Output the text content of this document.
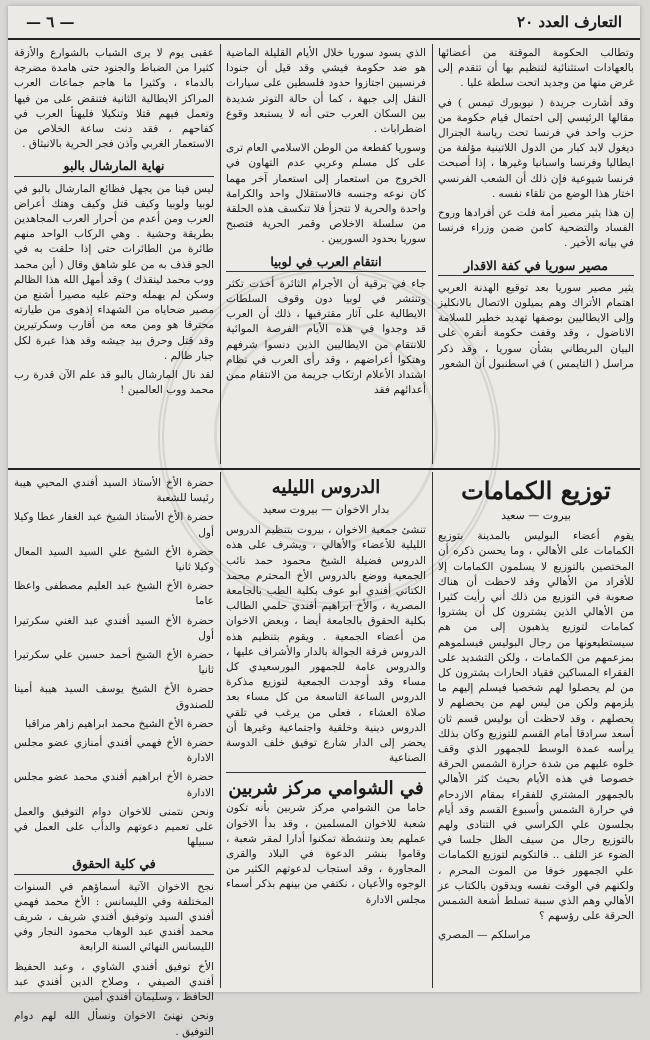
التعارف العدد ٢٠
— ٦ —

وتطالب الحكومة الموقتة من أعضائها بالعهادات استثنائية لتنظيم بها أن تتقدم إلى غرض منها من وجديد اتحت سلطة عليا .

وقد أشارت جريدة ( نيويورك تيمس ) في مقالها الرئيسي إلى احتمال قيام حكومة من حزب واحد في فرنسا تحت رياسة الجنرال ديغول لابد كبار من الدول اللاتينية مؤلفة من ايطاليا وفرنسا واسبانيا وغيرها ، إذا أصبحت فرنسا شيوعية فإن ذلك أن الشعب الفرنسي اختار هذا الوضع من تلقاء نفسه .

إن هذا يثير مصير أمة فلت عن أفرادها وروح الفساد والتضحية كامن ضمن وزراء فرنسا في بيانه الأخير .

مصير سوريا في كفة الاقدار

يثير مصير سوريا بعد توقيع الهدنة العربي اهتمام الأتراك وهم يميلون الاتصال بالانكليز وإلى الايطاليين بوصفها تهديد خطير للسلامة الاناضول ، وقد وقفت حكومة أنقره على البيان البريطاني بشأن سوريا ، وقد ذكر مراسل ( التايمس ) في اسطنبول أن الشعور

الذي يسود سوريا خلال الأيام القليلة الماضية هو ضد حكومة فيشي وقد قيل أن جنودا فرنسيين اجتازوا حدود فلسطين على سيارات النقل إلى جبهة ، كما أن حالة التوتر شديدة بين السكان العرب حتى أنه لا يستبعد وقوع اضطرابات .

وسوريا كقطعة من الوطن الاسلامي العام ترى على كل مسلم وعربي عدم التهاون في الخروج من استعمار إلى استعمار آخر مهما كان نوعه وجنسه فالاستقلال واحد والكرامة واحدة والحرية لا تتجزأ فلا تنكسف هذه الحلقة من سلسلة الاخلاص وقمر الحرية فتصبح سوريا بحدود السوريين .

انتقام العرب في لوبيا

جاء في برقية أن الأجرام الثائرة أخذت تكثر وتنتشر في لوبيا دون وقوف السلطات الايطالية على آثار مقترفيها ، ذلك أن العرب قد وجدوا في هذه الأيام الفرصة الموائية للانتقام من الايطاليين الذين دنسوا شرفهم وهتكوا أعراضهم ، وقد رأى العرب في نظام اشتداد الأعلام ارتكاب جريمة من الانتقام ممن أعدائهم فقد

عقبى يوم لا يرى الشباب بالشوارع والأزقة كثيرا من الضباط والجنود حتى هامدة مضرجة بالدماء ، وكثيرا ما هاجم جماعات العرب المراكز الايطالية الثانية فتنقض على من فيها وتعمل فيهم قتلا وتنكيلا فليهنأ العرب في كفاحهم ، فقد دنت ساعة الخلاص من الاستعمار الغربي وآذن فجر الحرية بالانبثاق .

نهاية المارشال بالبو

ليس فينا من يجهل فظائع المارشال بالبو في لوبيا ولوبيا وكيف قتل وكيف وهتك أعراض العرب ومن أعدم من أحرار العرب المجاهدين بطريقة وحشية . وهي الركاب الواحد منهم طائرة من الطائرات حتى إذا حلقت به في الجو قذف به من علو شاهق وقال ( أين محمد ووب محمد لينقذك ) وقد أمهل الله هذا الظالم وسكن لم يهمله وحتم عليه مصيرا أشنع من مصير ضحاياه من الشهداء إذهوى من طيارته محترقا هو ومن معه من أقارب وسكرتيرين وقد قتل وحرق بيد جيشه وقد هذا عبرة لكل جبار ظالم .

لقد نال المارشال بالبو قد علم الآن قدرة رب محمد ووب العالمين !

توزيع الكمامات
بيروت — سعيد

يقوم أعضاء البوليس بالمدينة بتوزيع الكمامات على الأهالي ، وما يحسن ذكره أن المختصين بالتوزيع لا يسلمون الكمامات إلا للأفراد من الأهالي وقد لاحظت أن هناك صعوبة في التوزيع من ذلك أني رأيت كثيرا من الأهالي الذين يشترون كل أن يشتروا كمامات لتوزيع يذهبون إلى من هم سيستطيعونها من رجال البوليس فيسلموهم بمزعمهم من الكمامات ، ولكن التشديد على الفقراء المساكين فقياد الحارات يشترون كل من لم يحصلوا لهم شخصيا فيسلم إليهم ما يلزمهم ولكن من ليس لهم من يحصلهم لا يحصلهم ، وقد لاحظت أن بوليس قسم ثان أسعد سرادقا أمام القسم للتوزيع وكان بذلك يرأسه عمدة الوسط للجمهور الذي وقف خلوه عليهم من شدة حرارة الشمس الحرقة خصوصا في هذه الأيام بحيث كثر الأهالي بالجمهور المشتري للفقراء بمقام الازدحام في حرارة الشمس وأسبوع القسم وقد أيام بجلسون علي الكراسي في التنادى ولهم بالتوزيع رجال من سيف الظل جلسا في الضوء عز التلف .. فالتكويم لتوزيع الكمامات علي الجمهور خوفا من الموت المحرم ، ولكنهم في الوقت نفسه ويدقون بالكتاب عز الأهالي وهم الذي سببة تسلط أشعة الشمس الحرقة على رؤسهم ؟

مراسلكم — المصري

الدروس الليليه
بدار الاخوان — بيروت سعيد

تنشئ جمعية الاخوان ، بيروت بتنظيم الدروس الليلية للأعضاء والأهالي ، ويشرف على هذه الدروس فضيلة الشيخ محمود حمد نائب الجمعية ووضع بالدروس الأخ المحترم محمد الكتاني أفندي أبو عوف بكلية الطب بالجامعة المصرية ، والأخ ابراهيم أفندي حلمي الطالب بكلية الحقوق بالجامعة أيضا ، وبعض الاخوان من أعضاء الجمعية . ويقوم بتنظيم هذه الدروس فرقة الجوالة بالدار والأشراف عليها ، والدروس عامة للجمهور البورسعيدي كل مساء وقد أوجدت الجمعية لتوزيع مذكرة الدروس الساعة التاسعة من كل مساء بعد صلاة العشاء ، فعلى من يرغب في تلقي الدروس دينية وخلقية واجتماعية وغيرها أن يحضر إلى الدار شارع توفيق خلف الدوسة الصناعية

في الشوامي مركز شربين

حاما من الشوامي مركز شربين بأنه تكون شعبة للاخوان المسلمين ، وقد بدأ الاخوان عملهم بعد وتنشطة تمكنوا أدارا لمقر شعبة ، وقاموا بنشر الدعوة في البلاد والقرى المجاورة ، وقد استجاب لدعوتهم الكثير من الوجوه والأعيان ، نكتفي من بينهم بذكر أسماء مجلس الادارة

حضرة الأخ الأستاذ السيد أفندي المحيي هيبة رئيسا للشعبة

حضرة الأخ الأستاذ الشيخ عبد الغفار عطا وكيلا أول

حضرة الأخ الشيخ علي السيد السيد المعال وكيلا ثانيا

حضرة الأخ الشيخ عبد العليم مصطفى واعظا عاما

حضرة الأخ السيد أفندي عبد الغني سكرتيرا أول

حضرة الأخ الشيخ أحمد حسين علي سكرتيرا ثانيا

حضرة الأخ الشيخ يوسف السيد هيبة أمينا للصندوق

حضرة الأخ الشيخ محمد ابراهيم زاهر مراقبا

حضرة الأخ فهمي أفندي أمنازي عضو مجلس الادارة

حضرة الأخ ابراهيم أفندي محمد عضو مجلس الادارة

ونحن نتمنى للاخوان دوام التوفيق والعمل على تعميم دعوتهم والدأب على العمل في سبيلها

في كلية الحقوق

نجح الاخوان الآتية أسماؤهم في السنوات المختلفة وفي الليسانس : الأخ محمد فهمي أفندي السيد وتوفيق أفندي شريف ، شريف محمد أفندي عبد الوهاب محمود النجار وفي الليسانس النهائي السنة الرابعة

الأخ توفيق أفندي الشاوي ، وعبد الحفيظ أفندي الصيفي ، وصلاح الدين أفندي عبد الحافظ ، وسليمان أفندي أمين

ونحن نهنئ الاخوان ونسأل الله لهم دوام التوفيق .
